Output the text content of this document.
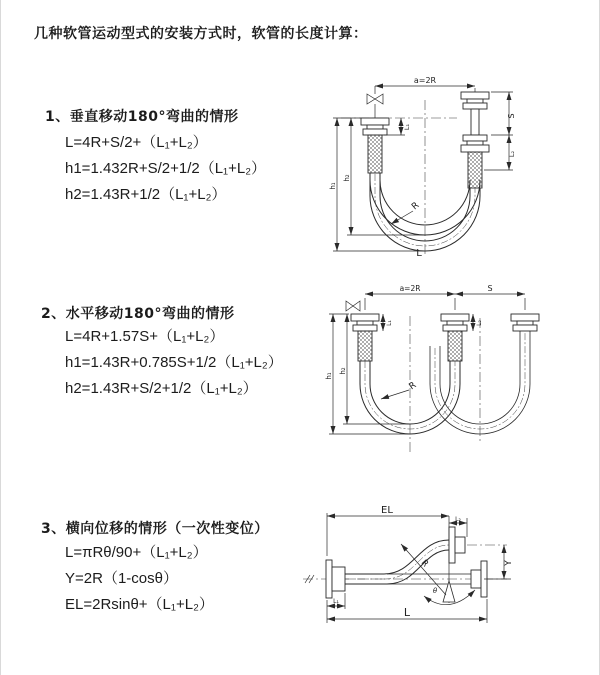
几种软管运动型式的安装方式时，软管的长度计算：
1、垂直移动180°弯曲的情形
L=4R+S/2+（L₁+L₂）
h1=1.432R+S/2+1/2（L₁+L₂）
h2=1.43R+1/2（L₁+L₂）
2、水平移动180°弯曲的情形
L=4R+1.57S+（L₁+L₂）
h1=1.43R+0.785S+1/2（L₁+L₂）
h2=1.43R+S/2+1/2（L₁+L₂）
3、横向位移的情形（一次性变位）
L=πRθ/90+（L₁+L₂）
Y=2R（1-cosθ）
EL=2Rsinθ+（L₁+L₂）
a=2R
S
L₂
h₁
h₂
L₁
R
L
a=2R	S
h₁
h₂
L₁	L₂
R
EL
L₂
Y
L
L₁
R
θ
